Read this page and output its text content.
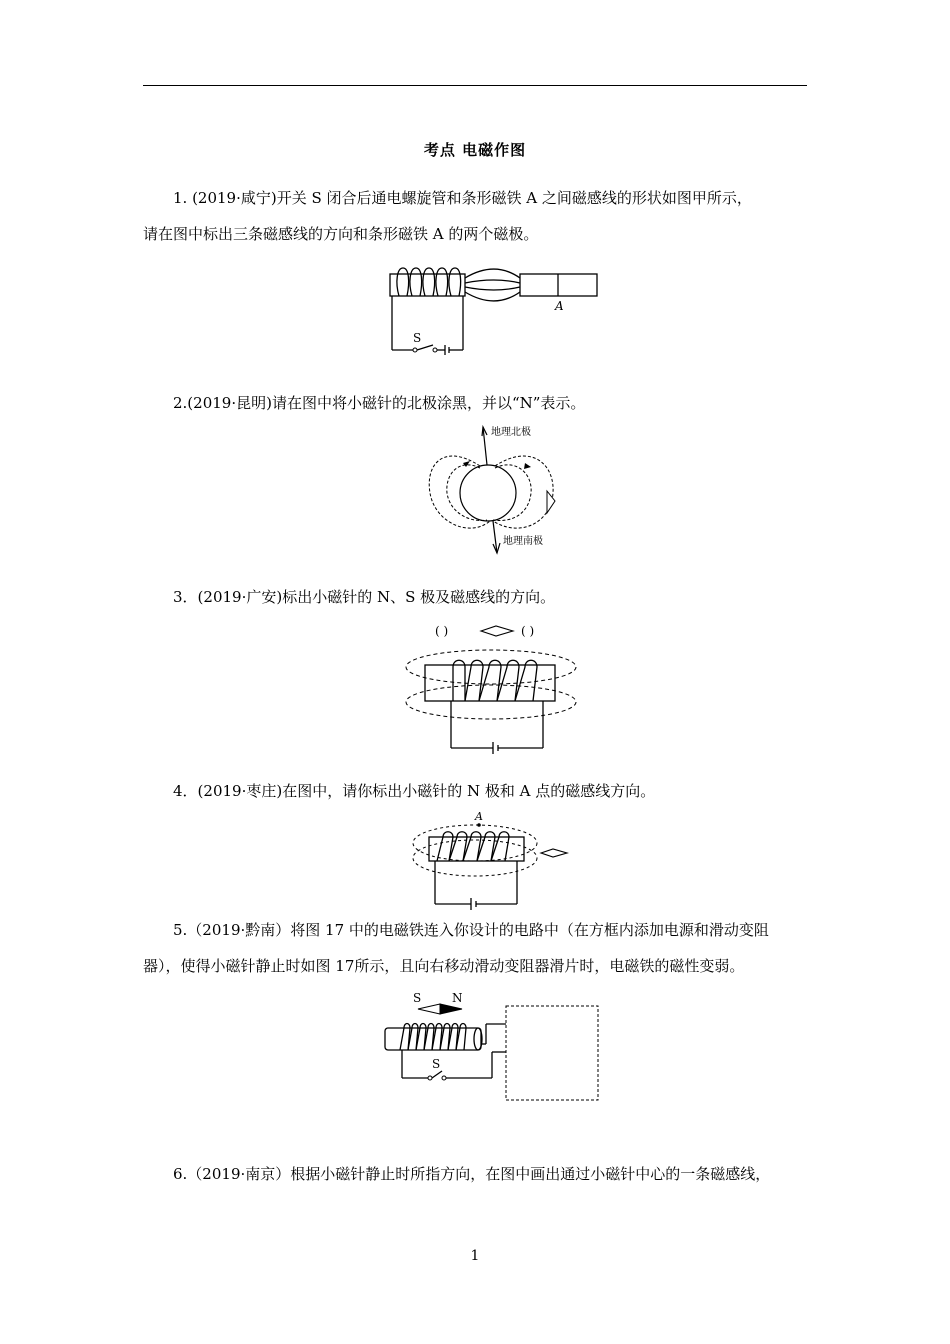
考点 电磁作图
1. (2019·咸宁)开关 S 闭合后通电螺旋管和条形磁铁 A 之间磁感线的形状如图甲所示，
请在图中标出三条磁感线的方向和条形磁铁 A 的两个磁极。
A
S
2.(2019·昆明)请在图中将小磁针的北极涂黑，并以“N”表示。
地理北极
地理南极
3．(2019·广安)标出小磁针的 N、S 极及磁感线的方向。
( )	( )
4．(2019·枣庄)在图中，请你标出小磁针的 N 极和 A 点的磁感线方向。
A
5.（2019·黔南）将图 17 中的电磁铁连入你设计的电路中（在方框内添加电源和滑动变阻
器），使得小磁针静止时如图 17所示，且向右移动滑动变阻器滑片时，电磁铁的磁性变弱。
S	N
S
6.（2019·南京）根据小磁针静止时所指方向，在图中画出通过小磁针中心的一条磁感线，
1
